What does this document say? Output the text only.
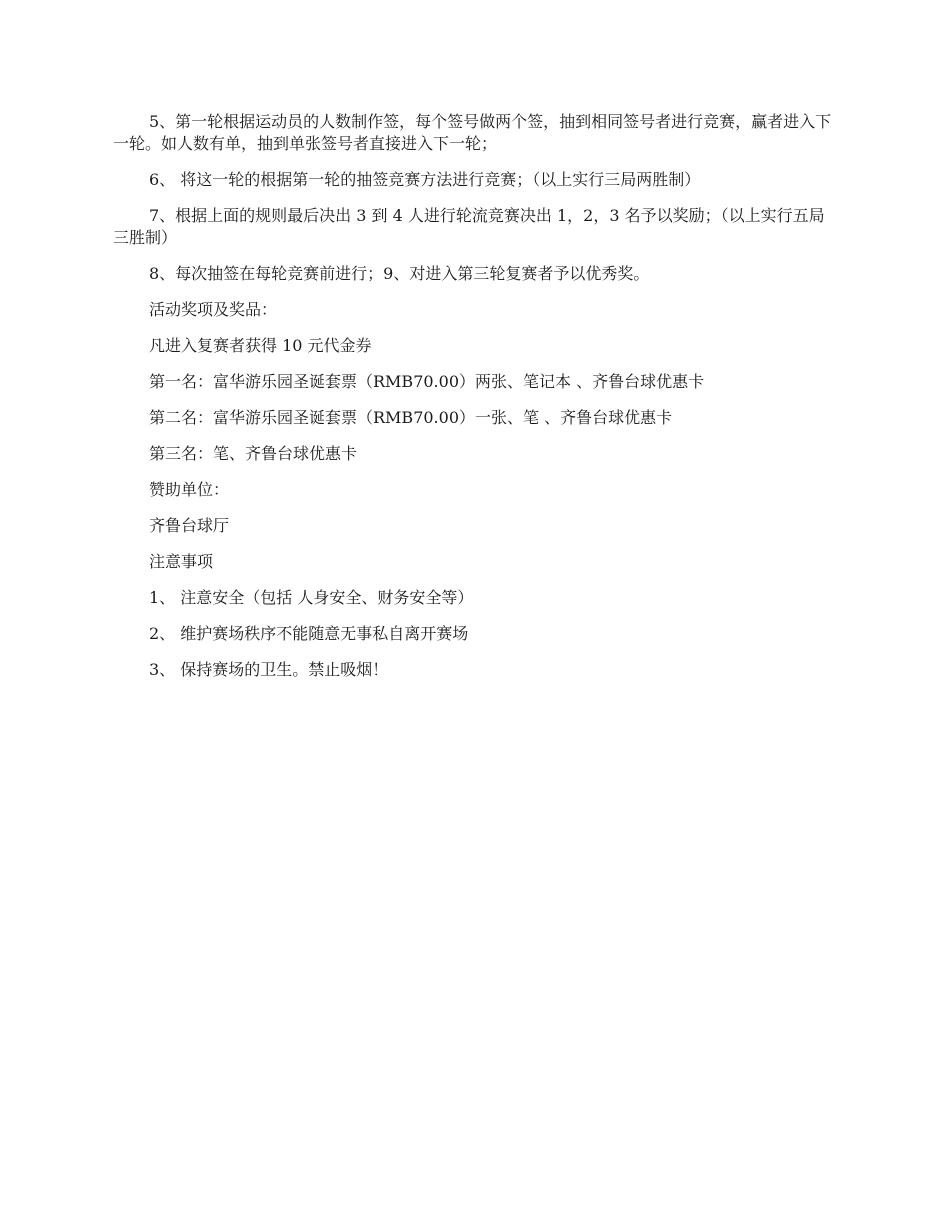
5、第一轮根据运动员的人数制作签，每个签号做两个签，抽到相同签号者进行竞赛，赢者进入下一轮。如人数有单，抽到单张签号者直接进入下一轮；

6、 将这一轮的根据第一轮的抽签竞赛方法进行竞赛；（以上实行三局两胜制）

7、根据上面的规则最后决出 3 到 4 人进行轮流竞赛决出 1，2，3 名予以奖励；（以上实行五局三胜制）

8、每次抽签在每轮竞赛前进行；9、对进入第三轮复赛者予以优秀奖。

活动奖项及奖品：

凡进入复赛者获得 10 元代金券

第一名：富华游乐园圣诞套票（RMB70.00）两张、笔记本 、齐鲁台球优惠卡

第二名：富华游乐园圣诞套票（RMB70.00）一张、笔 、齐鲁台球优惠卡

第三名：笔、齐鲁台球优惠卡

赞助单位：

齐鲁台球厅

注意事项

1、 注意安全（包括 人身安全、财务安全等）

2、 维护赛场秩序不能随意无事私自离开赛场

3、 保持赛场的卫生。禁止吸烟！
